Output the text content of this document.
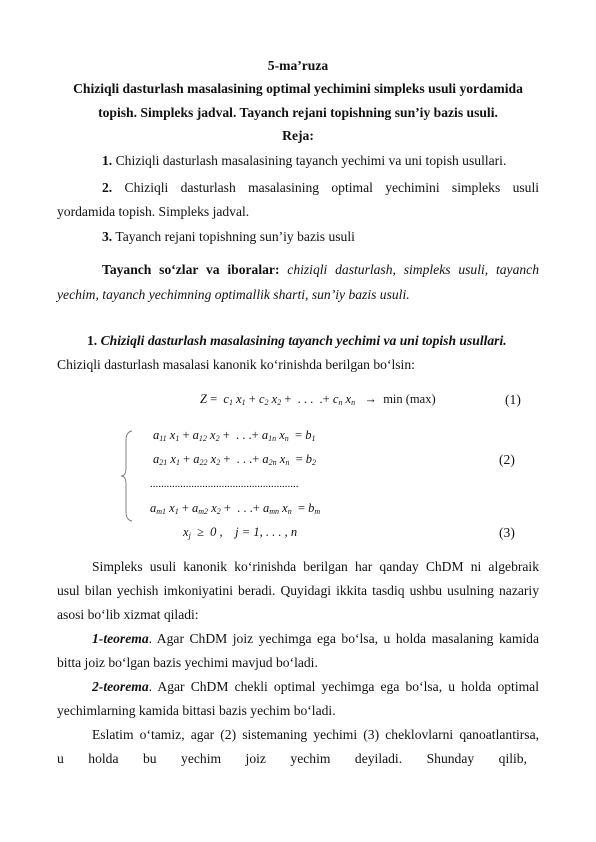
5-ma’ruza
Chiziqli dasturlash masalasining optimal yechimini simpleks usuli yordamida
topish. Simpleks jadval. Tayanch rejani topishning sun’iy bazis usuli.
Reja:
1. Chiziqli dasturlash masalasining tayanch yechimi va uni topish usullari.
2. Chiziqli dasturlash masalasining optimal yechimini simpleks usuli
yordamida topish. Simpleks jadval.
3. Tayanch rejani topishning sun’iy bazis usuli
Tayanch so‘zlar va iboralar: chiziqli dasturlash, simpleks usuli, tayanch
yechim, tayanch yechimning optimallik sharti, sun’iy bazis usuli.
1. Chiziqli dasturlash masalasining tayanch yechimi va uni topish usullari.
Chiziqli dasturlash masalasi kanonik ko‘rinishda berilgan bo‘lsin:
$Z = c_1$ $x_1 + c_2$ $x_2$ +  . . .  .+ $c_n$ $x_n \to \min (\max)$	(1)
$a_{11}$ $x_1 + a_{12}$ $x_2$ +  . . .+ $a_{1n}$ $x_n = b_1$
$a_{21}$ $x_1 + a_{22}$ $x_2$ +  . . .+ $a_{2n}$ $x_n = b_2$
......................................................
$a_{m1}$ $x_1 + a_{m2}$ $x_2$ +  . . .+ $a_{mn}$ $x_n = b_m$
(2)
$x_j \ge 0$ ,    j = 1, . . . , n	(3)
Simpleks usuli kanonik ko‘rinishda berilgan har qanday ChDM ni algebraik
usul bilan yechish imkoniyatini beradi. Quyidagi ikkita tasdiq ushbu usulning nazariy
asosi bo‘lib xizmat qiladi:
1-teorema. Agar ChDM joiz yechimga ega bo‘lsa, u holda masalaning kamida
bitta joiz bo‘lgan bazis yechimi mavjud bo‘ladi.
2-teorema. Agar ChDM chekli optimal yechimga ega bo‘lsa, u holda optimal
yechimlarning kamida bittasi bazis yechim bo‘ladi.
Eslatim o‘tamiz, agar (2) sistemaning yechimi (3) cheklovlarni qanoatlantirsa,
u holda bu yechim joiz yechim deyiladi. Shunday qilib,
